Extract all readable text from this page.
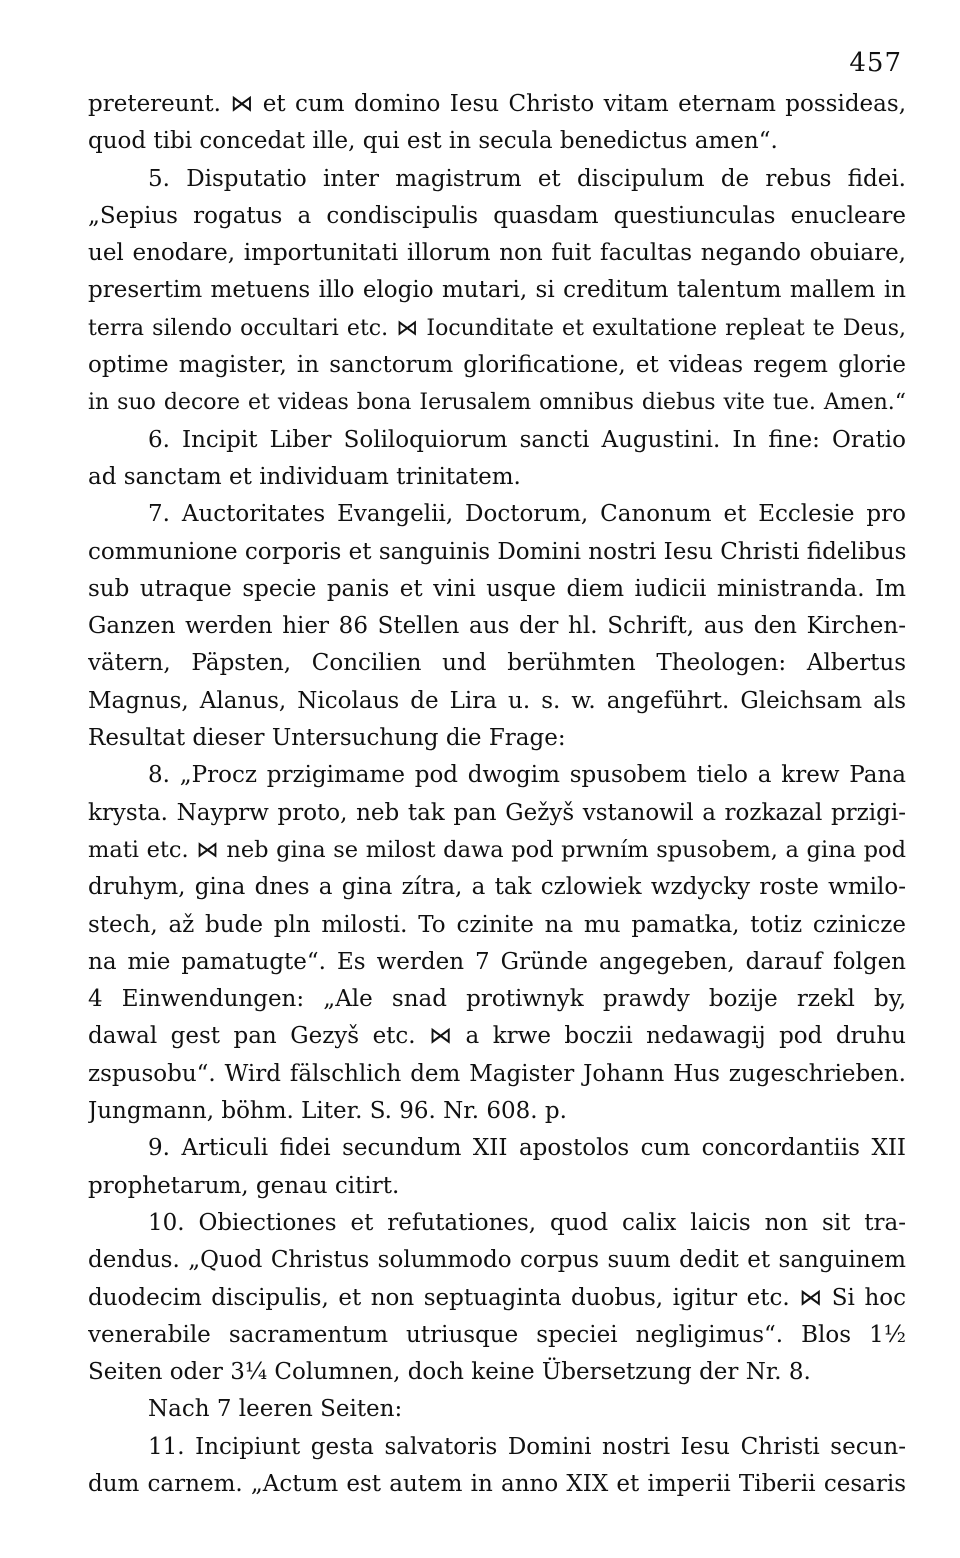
457
pretereunt. ⋈ et cum domino Iesu Christo vitam eternam possideas,
quod tibi concedat ille, qui est in secula benedictus amen“.
5. Disputatio inter magistrum et discipulum de rebus fidei.
„Sepius rogatus a condiscipulis quasdam questiunculas enucleare
uel enodare, importunitati illorum non fuit facultas negando obuiare,
presertim metuens illo elogio mutari, si creditum talentum mallem in
terra silendo occultari etc. ⋈ Iocunditate et exultatione repleat te Deus,
optime magister, in sanctorum glorificatione, et videas regem glorie
in suo decore et videas bona Ierusalem omnibus diebus vite tue. Amen.“
6. Incipit Liber Soliloquiorum sancti Augustini. In fine: Oratio
ad sanctam et individuam trinitatem.
7. Auctoritates Evangelii, Doctorum, Canonum et Ecclesie pro
communione corporis et sanguinis Domini nostri Iesu Christi fidelibus
sub utraque specie panis et vini usque diem iudicii ministranda. Im
Ganzen werden hier 86 Stellen aus der hl. Schrift, aus den Kirchen-
vätern, Päpsten, Concilien und berühmten Theologen: Albertus
Magnus, Alanus, Nicolaus de Lira u. s. w. angeführt. Gleichsam als
Resultat dieser Untersuchung die Frage:
8. „Procz przigimame pod dwogim spusobem tielo a krew Pana
krysta. Nayprw proto, neb tak pan Gežyš vstanowil a rozkazal przigi-
mati etc. ⋈ neb gina se milost dawa pod prwním spusobem, a gina pod
druhym, gina dnes a gina zítra, a tak czlowiek wzdycky roste wmilo-
stech, až bude pln milosti. To czinite na mu pamatka, totiz czinicze
na mie pamatugte“. Es werden 7 Gründe angegeben, darauf folgen
4 Einwendungen: „Ale snad protiwnyk prawdy bozije rzekl by,
dawal gest pan Gezyš etc. ⋈ a krwe boczii nedawagij pod druhu
zspusobu“. Wird fälschlich dem Magister Johann Hus zugeschrieben.
Jungmann, böhm. Liter. S. 96. Nr. 608. p.
9. Articuli fidei secundum XII apostolos cum concordantiis XII
prophetarum, genau citirt.
10. Obiectiones et refutationes, quod calix laicis non sit tra-
dendus. „Quod Christus solummodo corpus suum dedit et sanguinem
duodecim discipulis, et non septuaginta duobus, igitur etc. ⋈ Si hoc
venerabile sacramentum utriusque speciei negligimus“. Blos 1½
Seiten oder 3¼ Columnen, doch keine Übersetzung der Nr. 8.
Nach 7 leeren Seiten:
11. Incipiunt gesta salvatoris Domini nostri Iesu Christi secun-
dum carnem. „Actum est autem in anno XIX et imperii Tiberii cesaris
